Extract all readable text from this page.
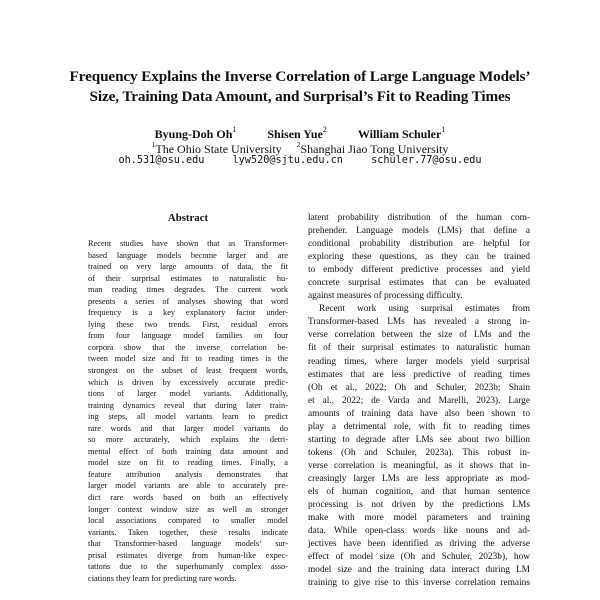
Frequency Explains the Inverse Correlation of Large Language Models’
Size, Training Data Amount, and Surprisal’s Fit to Reading Times
Byung-Doh Oh$^1$	Shisen Yue$^2$	William Schuler$^1$
$^1$The Ohio State University $^2$Shanghai Jiao Tong University
oh.531@osu.edu	lyw520@sjtu.edu.cn	schuler.77@osu.edu
Abstract
Recent studies have shown that as Transformer-
based language models become larger and are
trained on very large amounts of data, the fit
of their surprisal estimates to naturalistic hu-
man reading times degrades. The current work
presents a series of analyses showing that word
frequency is a key explanatory factor under-
lying these two trends. First, residual errors
from four language model families on four
corpora show that the inverse correlation be-
tween model size and fit to reading times is the
strongest on the subset of least frequent words,
which is driven by excessively accurate predic-
tions of larger model variants. Additionally,
training dynamics reveal that during later train-
ing steps, all model variants learn to predict
rare words and that larger model variants do
so more accurately, which explains the detri-
mental effect of both training data amount and
model size on fit to reading times. Finally, a
feature attribution analysis demonstrates that
larger model variants are able to accurately pre-
dict rare words based on both an effectively
longer context window size as well as stronger
local associations compared to smaller model
variants. Taken together, these results indicate
that Transformer-based language models’ sur-
prisal estimates diverge from human-like expec-
tations due to the superhumanly complex asso-
ciations they learn for predicting rare words.
latent probability distribution of the human com-
prehender. Language models (LMs) that define a
conditional probability distribution are helpful for
exploring these questions, as they can be trained
to embody different predictive processes and yield
concrete surprisal estimates that can be evaluated
against measures of processing difficulty.
Recent work using surprisal estimates from
Transformer-based LMs has revealed a strong in-
verse correlation between the size of LMs and the
fit of their surprisal estimates to naturalistic human
reading times, where larger models yield surprisal
estimates that are less predictive of reading times
(Oh et al., 2022; Oh and Schuler, 2023b; Shain
et al., 2022; de Varda and Marelli, 2023). Large
amounts of training data have also been shown to
play a detrimental role, with fit to reading times
starting to degrade after LMs see about two billion
tokens (Oh and Schuler, 2023a). This robust in-
verse correlation is meaningful, as it shows that in-
creasingly larger LMs are less appropriate as mod-
els of human cognition, and that human sentence
processing is not driven by the predictions LMs
make with more model parameters and training
data. While open-class words like nouns and ad-
jectives have been identified as driving the adverse
effect of model size (Oh and Schuler, 2023b), how
model size and the training data interact during LM
training to give rise to this inverse correlation remains
